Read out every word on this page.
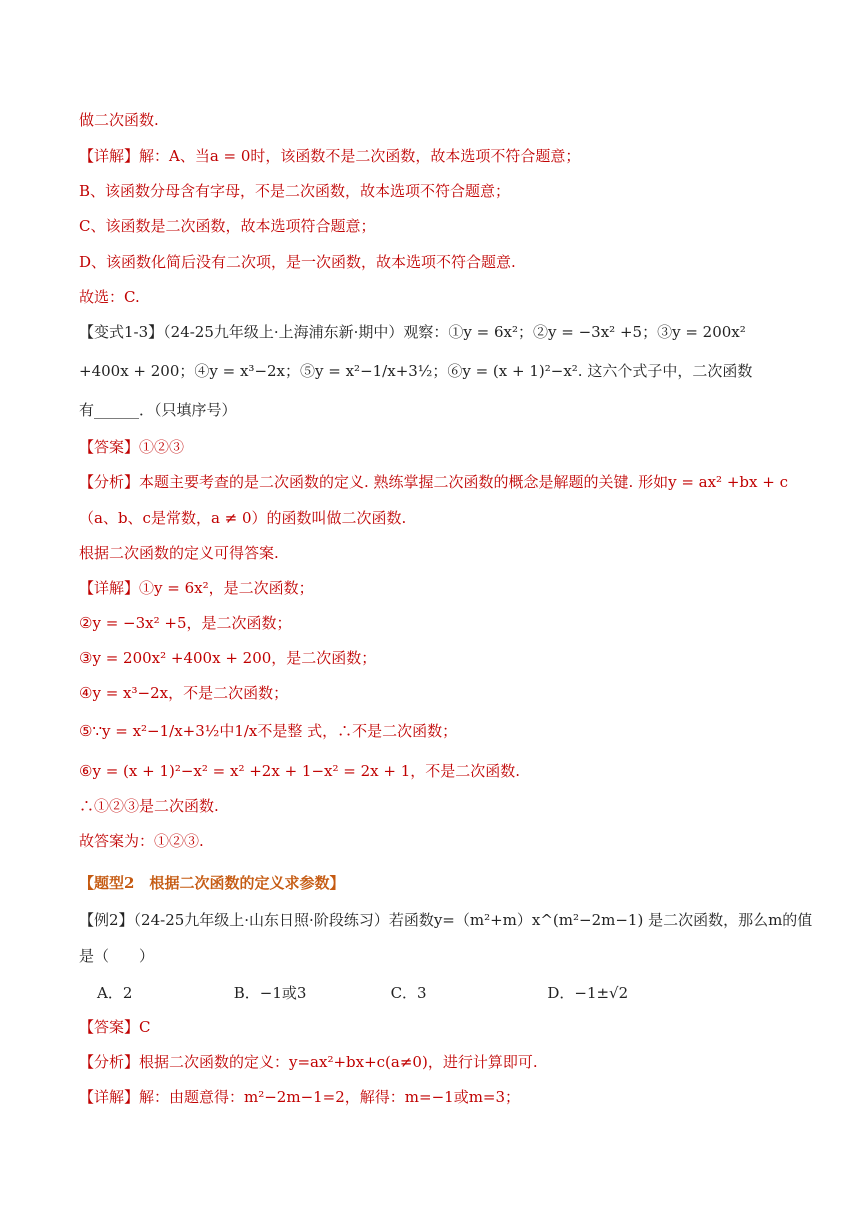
做二次函数.
【详解】解：A、当a = 0时，该函数不是二次函数，故本选项不符合题意；
B、该函数分母含有字母，不是二次函数，故本选项不符合题意；
C、该函数是二次函数，故本选项符合题意；
D、该函数化简后没有二次项，是一次函数，故本选项不符合题意.
故选：C.
【变式1-3】（24-25九年级上·上海浦东新·期中）观察：①y = 6x²；②y = −3x² +5；③y = 200x²
+400x + 200；④y = x³−2x；⑤y = x²−1/x+3½；⑥y = (x + 1)²−x². 这六个式子中，二次函数
有______．（只填序号）
【答案】①②③
【分析】本题主要考查的是二次函数的定义. 熟练掌握二次函数的概念是解题的关键. 形如y = ax² +bx + c
（a、b、c是常数，a ≠ 0）的函数叫做二次函数.
根据二次函数的定义可得答案.
【详解】①y = 6x²，是二次函数；
②y = −3x² +5，是二次函数；
③y = 200x² +400x + 200，是二次函数；
④y = x³−2x，不是二次函数；
⑤∵y = x²−1/x+3½中1/x不是整 式，∴不是二次函数；
⑥y = (x + 1)²−x² = x² +2x + 1−x² = 2x + 1，不是二次函数.
∴①②③是二次函数.
故答案为：①②③.
【题型2　根据二次函数的定义求参数】
【例2】（24-25九年级上·山东日照·阶段练习）若函数y=（m²+m）x^(m²−2m−1) 是二次函数，那么m的值
是（　　）
A．2	B．−1或3	C．3	D．−1±√2
【答案】C
【分析】根据二次函数的定义：y=ax²+bx+c(a≠0)，进行计算即可.
【详解】解：由题意得：m²−2m−1=2，解得：m=−1或m=3；
